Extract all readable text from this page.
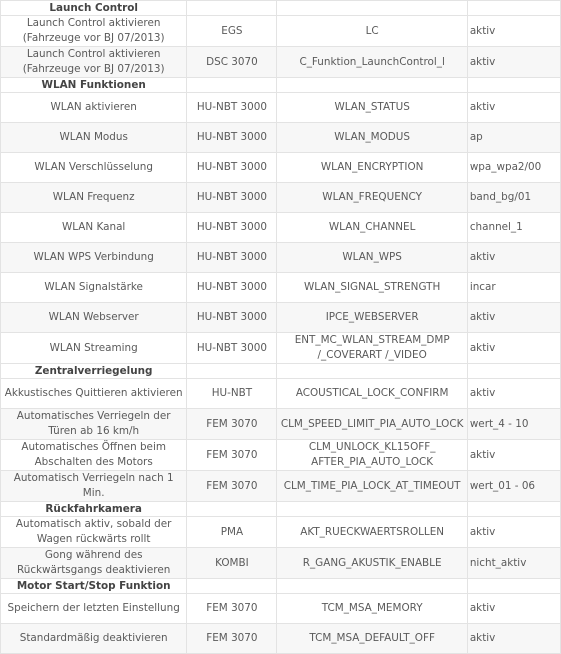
Launch Control			
Launch Control aktivieren (Fahrzeuge vor BJ 07/2013)	EGS	LC	aktiv
Launch Control aktivieren (Fahrzeuge vor BJ 07/2013)	DSC 3070	C_Funktion_LaunchControl_l	aktiv
WLAN Funktionen			
WLAN aktivieren	HU-NBT 3000	WLAN_STATUS	aktiv
WLAN Modus	HU-NBT 3000	WLAN_MODUS	ap
WLAN Verschlüsselung	HU-NBT 3000	WLAN_ENCRYPTION	wpa_wpa2/00
WLAN Frequenz	HU-NBT 3000	WLAN_FREQUENCY	band_bg/01
WLAN Kanal	HU-NBT 3000	WLAN_CHANNEL	channel_1
WLAN WPS Verbindung	HU-NBT 3000	WLAN_WPS	aktiv
WLAN Signalstärke	HU-NBT 3000	WLAN_SIGNAL_STRENGTH	incar
WLAN Webserver	HU-NBT 3000	IPCE_WEBSERVER	aktiv
WLAN Streaming	HU-NBT 3000	ENT_MC_WLAN_STREAM_DMP /_COVERART /_VIDEO	aktiv
Zentralverriegelung			
Akkustisches Quittieren aktivieren	HU-NBT	ACOUSTICAL_LOCK_CONFIRM	aktiv
Automatisches Verriegeln der Türen ab 16 km/h	FEM 3070	CLM_SPEED_LIMIT_PIA_AUTO_LOCK	wert_4 - 10
Automatisches Öffnen beim Abschalten des Motors	FEM 3070	CLM_UNLOCK_KL15OFF_ AFTER_PIA_AUTO_LOCK	aktiv
Automatisch Verriegeln nach 1 Min.	FEM 3070	CLM_TIME_PIA_LOCK_AT_TIMEOUT	wert_01 - 06
Rückfahrkamera			
Automatisch aktiv, sobald der Wagen rückwärts rollt	PMA	AKT_RUECKWAERTSROLLEN	aktiv
Gong während des Rückwärtsgangs deaktivieren	KOMBI	R_GANG_AKUSTIK_ENABLE	nicht_aktiv
Motor Start/Stop Funktion			
Speichern der letzten Einstellung	FEM 3070	TCM_MSA_MEMORY	aktiv
Standardmäßig deaktivieren	FEM 3070	TCM_MSA_DEFAULT_OFF	aktiv
